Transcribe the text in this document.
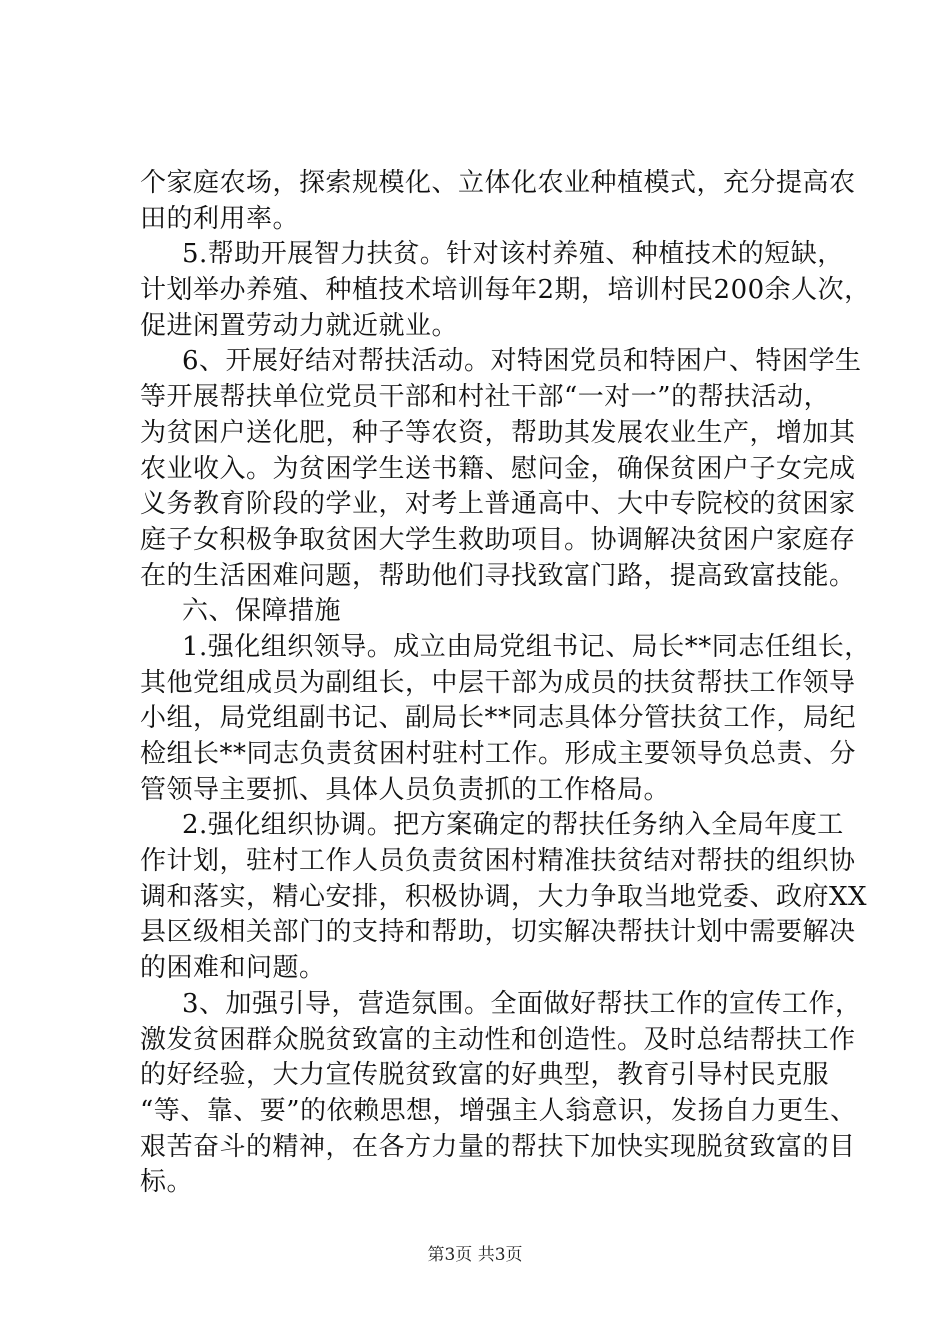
个家庭农场，探索规模化、立体化农业种植模式，充分提高农
田的利用率。
5.帮助开展智力扶贫。针对该村养殖、种植技术的短缺，
计划举办养殖、种植技术培训每年2期，培训村民200余人次，
促进闲置劳动力就近就业。
6、开展好结对帮扶活动。对特困党员和特困户、特困学生
等开展帮扶单位党员干部和村社干部“一对一”的帮扶活动，
为贫困户送化肥，种子等农资，帮助其发展农业生产，增加其
农业收入。为贫困学生送书籍、慰问金，确保贫困户子女完成
义务教育阶段的学业，对考上普通高中、大中专院校的贫困家
庭子女积极争取贫困大学生救助项目。协调解决贫困户家庭存
在的生活困难问题，帮助他们寻找致富门路，提高致富技能。
六、保障措施
1.强化组织领导。成立由局党组书记、局长**同志任组长，
其他党组成员为副组长，中层干部为成员的扶贫帮扶工作领导
小组，局党组副书记、副局长**同志具体分管扶贫工作，局纪
检组长**同志负责贫困村驻村工作。形成主要领导负总责、分
管领导主要抓、具体人员负责抓的工作格局。
2.强化组织协调。把方案确定的帮扶任务纳入全局年度工
作计划，驻村工作人员负责贫困村精准扶贫结对帮扶的组织协
调和落实，精心安排，积极协调，大力争取当地党委、政府XX
县区级相关部门的支持和帮助，切实解决帮扶计划中需要解决
的困难和问题。
3、加强引导，营造氛围。全面做好帮扶工作的宣传工作，
激发贫困群众脱贫致富的主动性和创造性。及时总结帮扶工作
的好经验，大力宣传脱贫致富的好典型，教育引导村民克服
“等、靠、要”的依赖思想，增强主人翁意识，发扬自力更生、
艰苦奋斗的精神，在各方力量的帮扶下加快实现脱贫致富的目
标。
第3页 共3页
